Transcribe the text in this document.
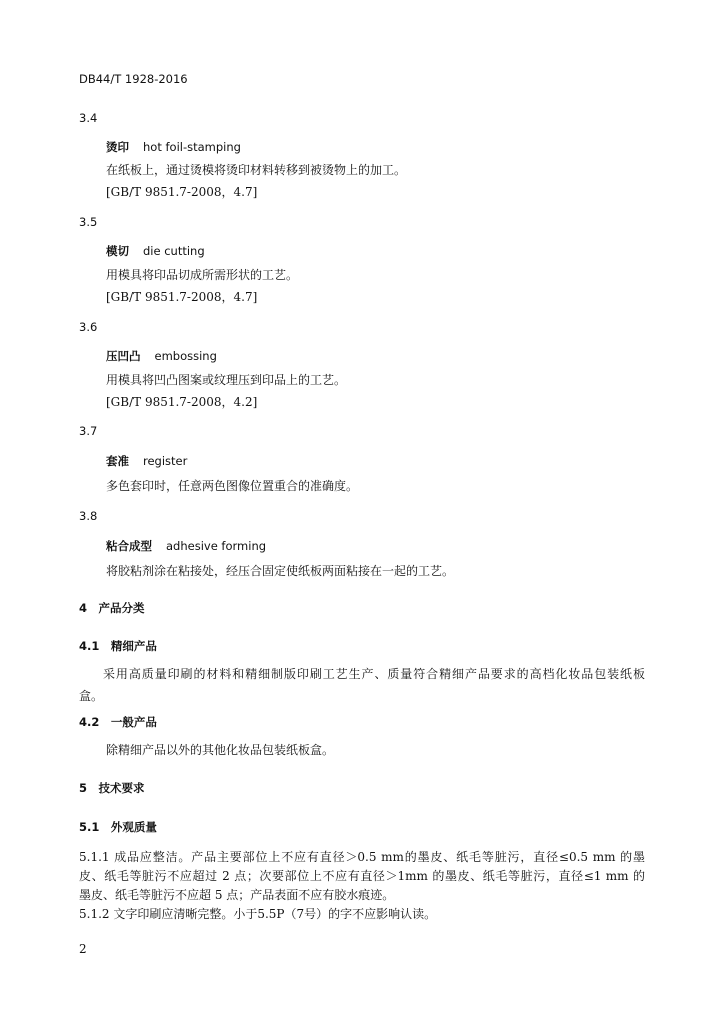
DB44/T 1928-2016
3.4
烫印 hot foil-stamping
在纸板上，通过烫模将烫印材料转移到被烫物上的加工。
[GB/T 9851.7-2008，4.7]
3.5
模切 die cutting
用模具将印品切成所需形状的工艺。
[GB/T 9851.7-2008，4.7]
3.6
压凹凸 embossing
用模具将凹凸图案或纹理压到印品上的工艺。
[GB/T 9851.7-2008，4.2]
3.7
套准 register
多色套印时，任意两色图像位置重合的准确度。
3.8
粘合成型 adhesive forming
将胶粘剂涂在粘接处，经压合固定使纸板两面粘接在一起的工艺。
4　产品分类
4.1　精细产品
采用高质量印刷的材料和精细制版印刷工艺生产、质量符合精细产品要求的高档化妆品包装纸板
盒。
4.2　一般产品
除精细产品以外的其他化妆品包装纸板盒。
5　技术要求
5.1　外观质量
5.1.1 成品应整洁。产品主要部位上不应有直径＞0.5 mm的墨皮、纸毛等脏污，直径≤0.5 mm 的墨
皮、纸毛等脏污不应超过 2 点；次要部位上不应有直径＞1mm 的墨皮、纸毛等脏污，直径≤1 mm 的
墨皮、纸毛等脏污不应超 5 点；产品表面不应有胶水痕迹。
5.1.2 文字印刷应清晰完整。小于5.5P（7号）的字不应影响认读。
2
